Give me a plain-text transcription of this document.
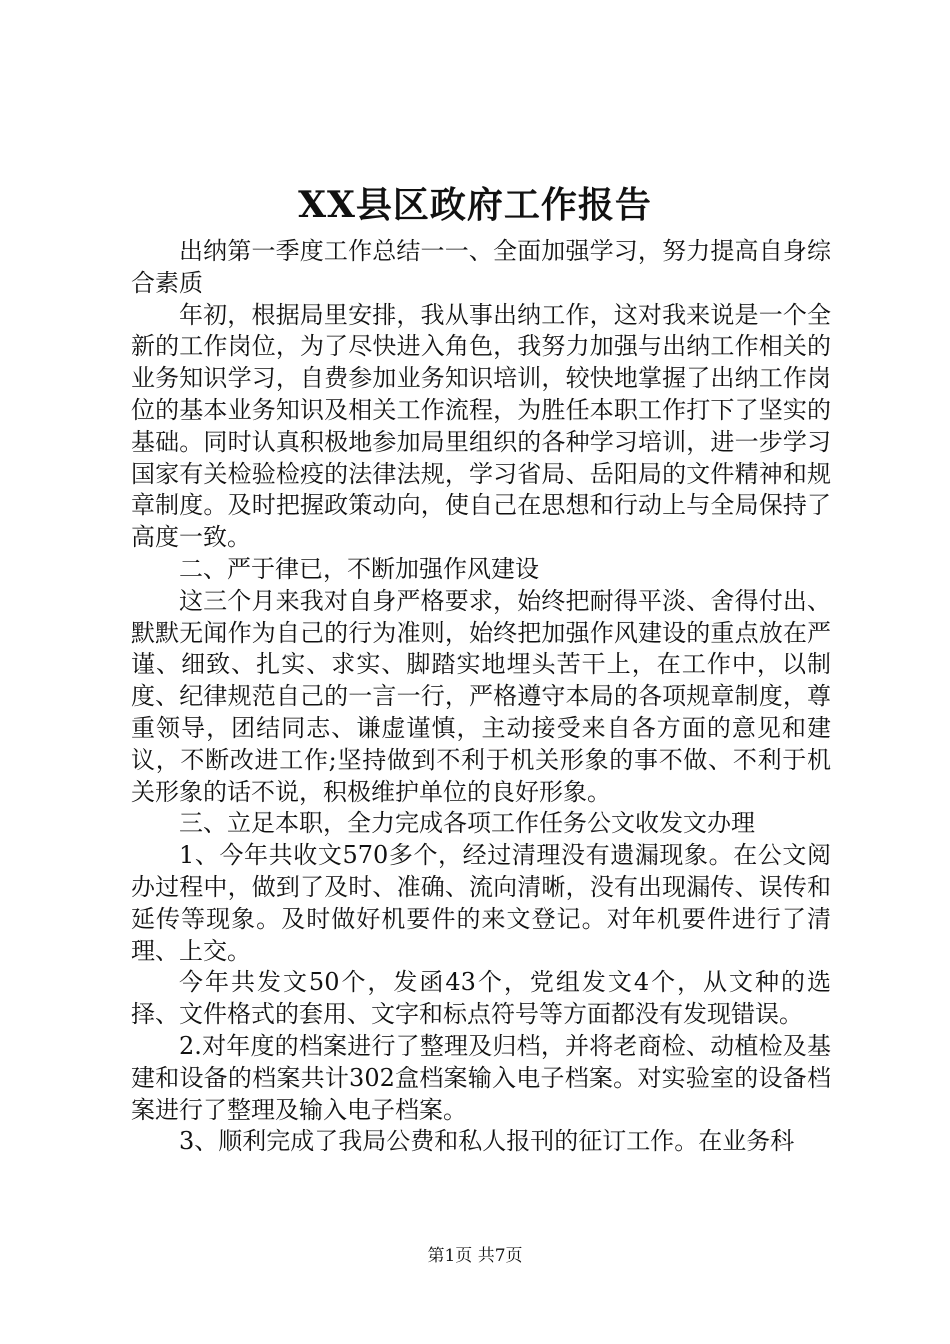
XX县区政府工作报告

出纳第一季度工作总结一一、全面加强学习，努力提高自身综合素质

年初，根据局里安排，我从事出纳工作，这对我来说是一个全新的工作岗位，为了尽快进入角色，我努力加强与出纳工作相关的业务知识学习，自费参加业务知识培训，较快地掌握了出纳工作岗位的基本业务知识及相关工作流程，为胜任本职工作打下了坚实的基础。同时认真积极地参加局里组织的各种学习培训，进一步学习国家有关检验检疫的法律法规，学习省局、岳阳局的文件精神和规章制度。及时把握政策动向，使自己在思想和行动上与全局保持了高度一致。

二、严于律已，不断加强作风建设

这三个月来我对自身严格要求，始终把耐得平淡、舍得付出、默默无闻作为自己的行为准则，始终把加强作风建设的重点放在严谨、细致、扎实、求实、脚踏实地埋头苦干上，在工作中，以制度、纪律规范自己的一言一行，严格遵守本局的各项规章制度，尊重领导，团结同志、谦虚谨慎，主动接受来自各方面的意见和建议，不断改进工作;坚持做到不利于机关形象的事不做、不利于机关形象的话不说，积极维护单位的良好形象。

三、立足本职，全力完成各项工作任务公文收发文办理

1、今年共收文570多个，经过清理没有遗漏现象。在公文阅办过程中，做到了及时、准确、流向清晰，没有出现漏传、误传和延传等现象。及时做好机要件的来文登记。对年机要件进行了清理、上交。

今年共发文50个，发函43个，党组发文4个，从文种的选择、文件格式的套用、文字和标点符号等方面都没有发现错误。

2.对年度的档案进行了整理及归档，并将老商检、动植检及基建和设备的档案共计302盒档案输入电子档案。对实验室的设备档案进行了整理及输入电子档案。

3、顺利完成了我局公费和私人报刊的征订工作。在业务科

第1页 共7页
